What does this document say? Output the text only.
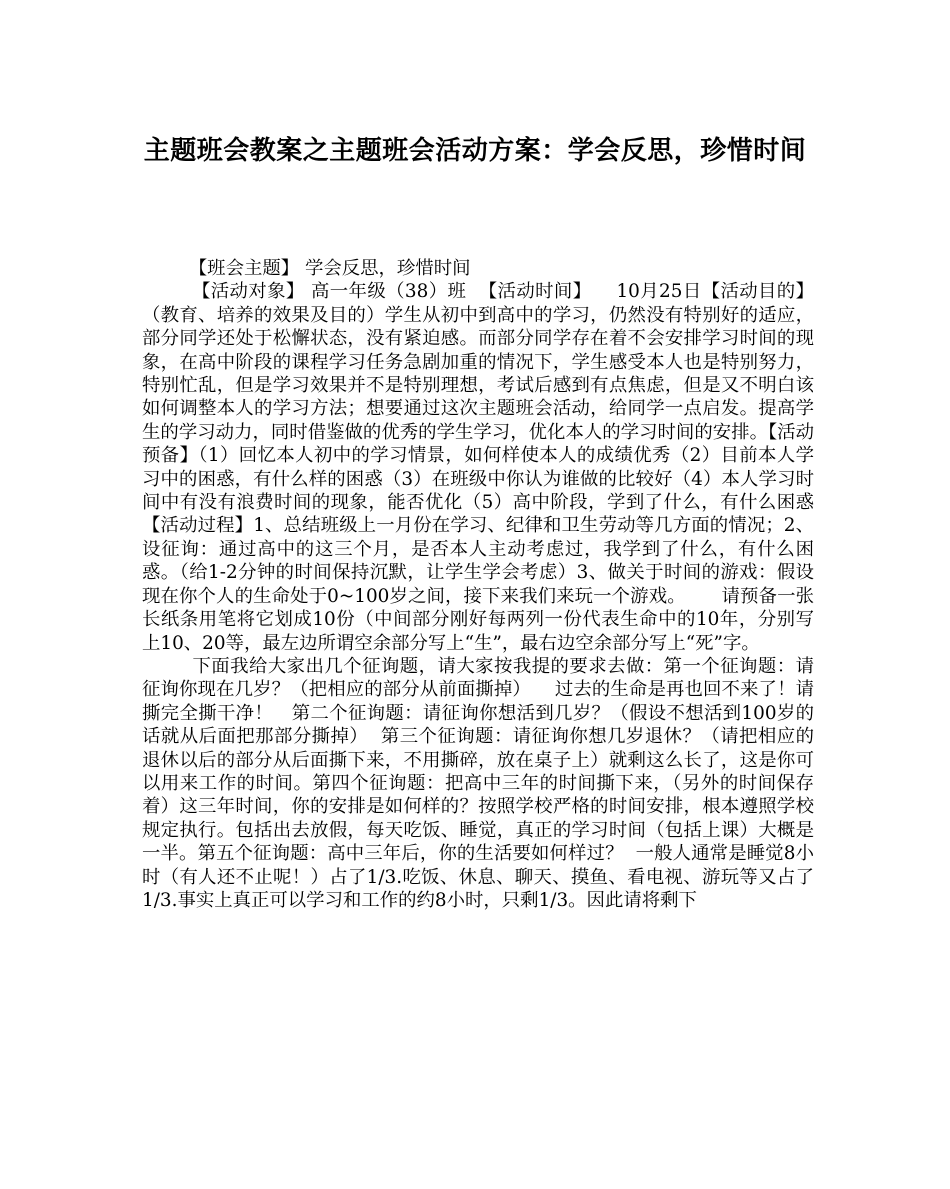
主题班会教案之主题班会活动方案：学会反思，珍惜时间

【班会主题】 学会反思，珍惜时间

【活动对象】 高一年级（38）班  【活动时间】    10月25日【活动目的】（教育、培养的效果及目的）学生从初中到高中的学习，仍然没有特别好的适应，部分同学还处于松懈状态，没有紧迫感。而部分同学存在着不会安排学习时间的现象，在高中阶段的课程学习任务急剧加重的情况下，学生感受本人也是特别努力，特别忙乱，但是学习效果并不是特别理想，考试后感到有点焦虑，但是又不明白该如何调整本人的学习方法；想要通过这次主题班会活动，给同学一点启发。提高学生的学习动力，同时借鉴做的优秀的学生学习，优化本人的学习时间的安排。【活动预备】（1）回忆本人初中的学习情景，如何样使本人的成绩优秀（2）目前本人学习中的困惑，有什么样的困惑（3）在班级中你认为谁做的比较好（4）本人学习时间中有没有浪费时间的现象，能否优化（5）高中阶段，学到了什么，有什么困惑【活动过程】1、总结班级上一月份在学习、纪律和卫生劳动等几方面的情况；2、设征询：通过高中的这三个月，是否本人主动考虑过，我学到了什么，有什么困惑。（给1-2分钟的时间保持沉默，让学生学会考虑）3、做关于时间的游戏：假设现在你个人的生命处于0~100岁之间，接下来我们来玩一个游戏。      请预备一张长纸条用笔将它划成10份（中间部分刚好每两列一份代表生命中的10年，分别写上10、20等，最左边所谓空余部分写上“生”，最右边空余部分写上“死”字。

下面我给大家出几个征询题，请大家按我提的要求去做：第一个征询题：请征询你现在几岁？（把相应的部分从前面撕掉）    过去的生命是再也回不来了！请撕完全撕干净！   第二个征询题：请征询你想活到几岁？（假设不想活到100岁的话就从后面把那部分撕掉）  第三个征询题：请征询你想几岁退休？（请把相应的退休以后的部分从后面撕下来，不用撕碎，放在桌子上）就剩这么长了，这是你可以用来工作的时间。第四个征询题：把高中三年的时间撕下来，（另外的时间保存着）这三年时间，你的安排是如何样的？按照学校严格的时间安排，根本遵照学校规定执行。包括出去放假，每天吃饭、睡觉，真正的学习时间（包括上课）大概是一半。第五个征询题：高中三年后，你的生活要如何样过？  一般人通常是睡觉8小时（有人还不止呢！）占了1/3.吃饭、休息、聊天、摸鱼、看电视、游玩等又占了1/3.事实上真正可以学习和工作的约8小时，只剩1/3。因此请将剩下
